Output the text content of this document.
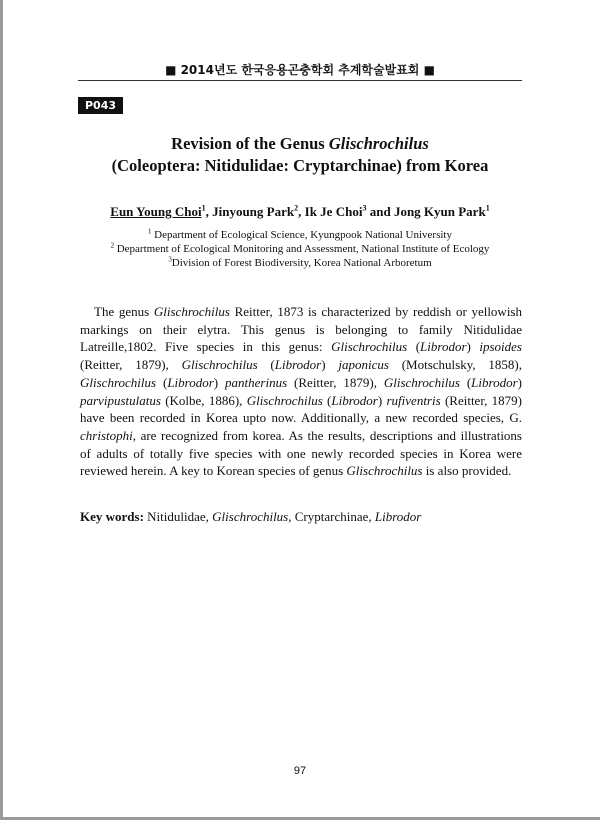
■ 2014년도 한국응용곤충학회 추계학술발표회 ■
P043
Revision of the Genus Glischrochilus
(Coleoptera: Nitidulidae: Cryptarchinae) from Korea
Eun Young Choi$^1$, Jinyoung Park$^2$, Ik Je Choi$^3$ and Jong Kyun Park$^1$
$^1$ Department of Ecological Science, Kyungpook National University
$^2$ Department of Ecological Monitoring and Assessment, National Institute of Ecology
$^3$Division of Forest Biodiversity, Korea National Arboretum
The genus Glischrochilus Reitter, 1873 is characterized by reddish or yellowish markings on their elytra. This genus is belonging to family Nitidulidae Latreille,1802. Five species in this genus: Glischrochilus (Librodor) ipsoides (Reitter, 1879), Glischrochilus (Librodor) japonicus (Motschulsky, 1858), Glischrochilus (Librodor) pantherinus (Reitter, 1879), Glischrochilus (Librodor) parvipustulatus (Kolbe, 1886), Glischrochilus (Librodor) rufiventris (Reitter, 1879) have been recorded in Korea upto now. Additionally, a new recorded species, G. christophi, are recognized from korea. As the results, descriptions and illustrations of adults of totally five species with one newly recorded species in Korea were reviewed herein. A key to Korean species of genus Glischrochilus is also provided.
Key words: Nitidulidae, Glischrochilus, Cryptarchinae, Librodor
97
